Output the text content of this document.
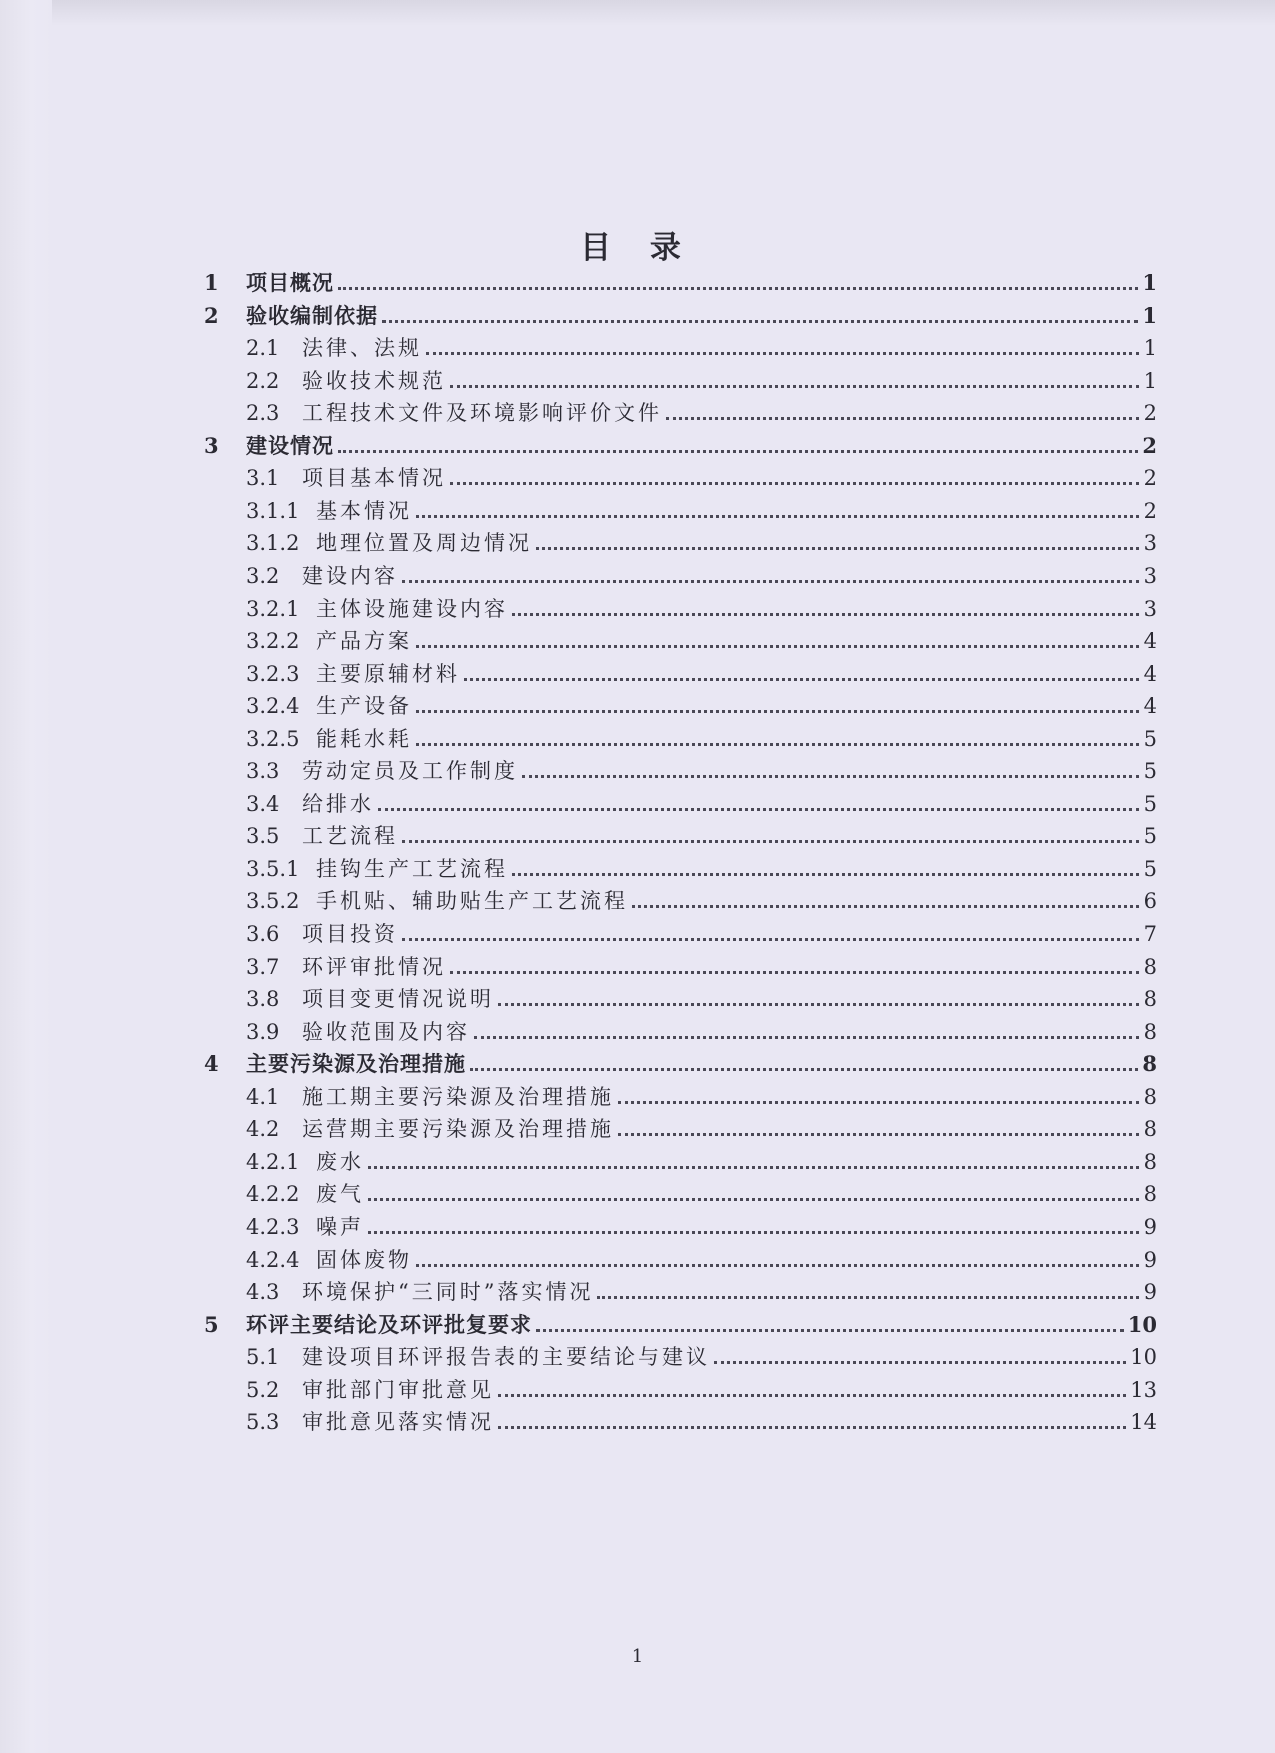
目 录
1	项目概况	1
2	验收编制依据	1
2.1	法律、法规	1
2.2	验收技术规范	1
2.3	工程技术文件及环境影响评价文件	2
3	建设情况	2
3.1	项目基本情况	2
3.1.1 基本情况	2
3.1.2 地理位置及周边情况	3
3.2	建设内容	3
3.2.1 主体设施建设内容	3
3.2.2 产品方案	4
3.2.3 主要原辅材料	4
3.2.4 生产设备	4
3.2.5 能耗水耗	5
3.3	劳动定员及工作制度	5
3.4	给排水	5
3.5	工艺流程	5
3.5.1 挂钩生产工艺流程	5
3.5.2 手机贴、辅助贴生产工艺流程	6
3.6	项目投资	7
3.7	环评审批情况	8
3.8	项目变更情况说明	8
3.9	验收范围及内容	8
4	主要污染源及治理措施	8
4.1	施工期主要污染源及治理措施	8
4.2	运营期主要污染源及治理措施	8
4.2.1 废水	8
4.2.2 废气	8
4.2.3 噪声	9
4.2.4 固体废物	9
4.3	环境保护“三同时”落实情况	9
5	环评主要结论及环评批复要求	10
5.1	建设项目环评报告表的主要结论与建议	10
5.2	审批部门审批意见	13
5.3	审批意见落实情况	14
1
